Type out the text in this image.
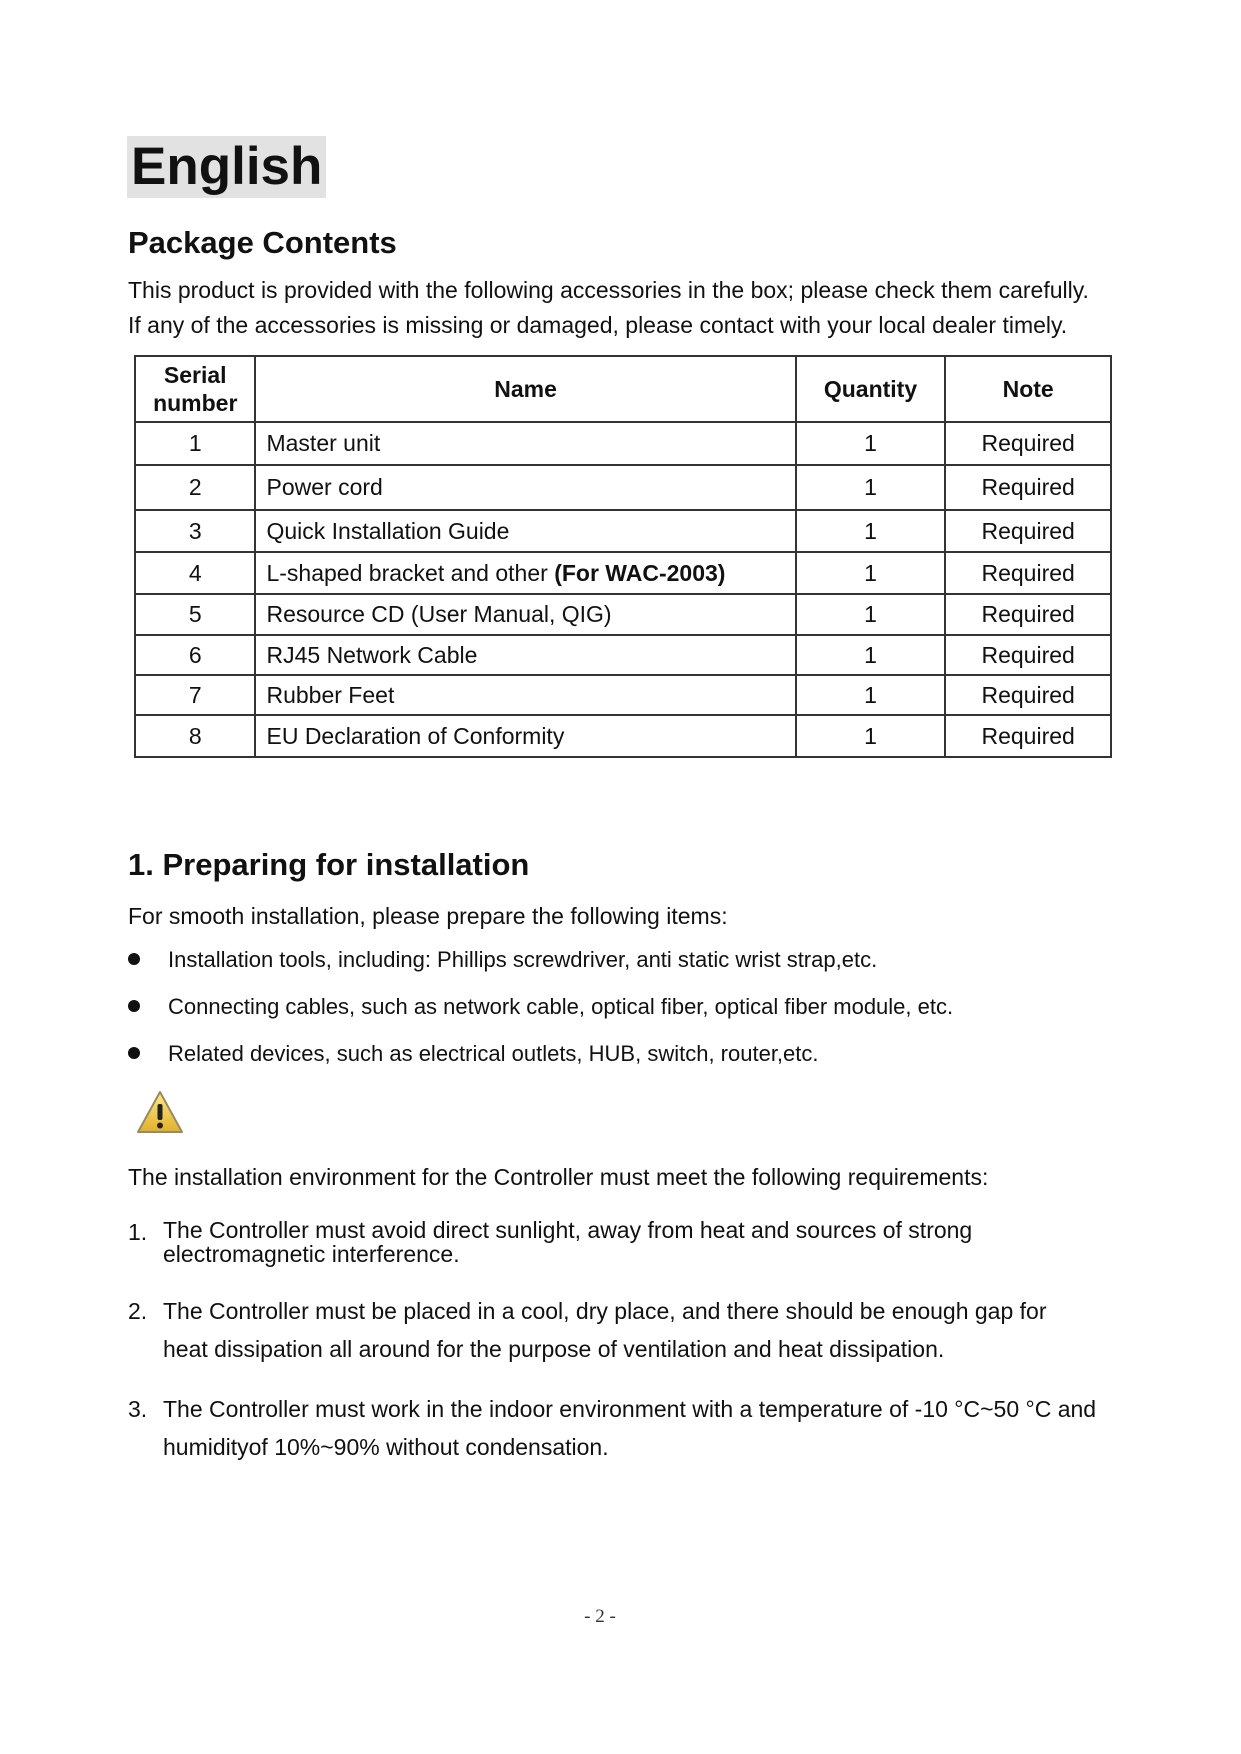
English
Package Contents
This product is provided with the following accessories in the box; please check them carefully.
If any of the accessories is missing or damaged, please contact with your local dealer timely.
Serial
number	Name	Quantity	Note
1	Master unit	1	Required
2	Power cord	1	Required
3	Quick Installation Guide	1	Required
4	L-shaped bracket and other (For WAC-2003)	1	Required
5	Resource CD (User Manual, QIG)	1	Required
6	RJ45 Network Cable	1	Required
7	Rubber Feet	1	Required
8	EU Declaration of Conformity	1	Required
1. Preparing for installation
For smooth installation, please prepare the following items:
Installation tools, including: Phillips screwdriver, anti static wrist strap,etc.
Connecting cables, such as network cable, optical fiber, optical fiber module, etc.
Related devices, such as electrical outlets, HUB, switch, router,etc.
The installation environment for the Controller must meet the following requirements:
1. The Controller must avoid direct sunlight, away from heat and sources of strong
electromagnetic interference.
2. The Controller must be placed in a cool, dry place, and there should be enough gap for
heat dissipation all around for the purpose of ventilation and heat dissipation.
3. The Controller must work in the indoor environment with a temperature of -10 °C~50 °C and
humidityof 10%~90% without condensation.
- 2 -
